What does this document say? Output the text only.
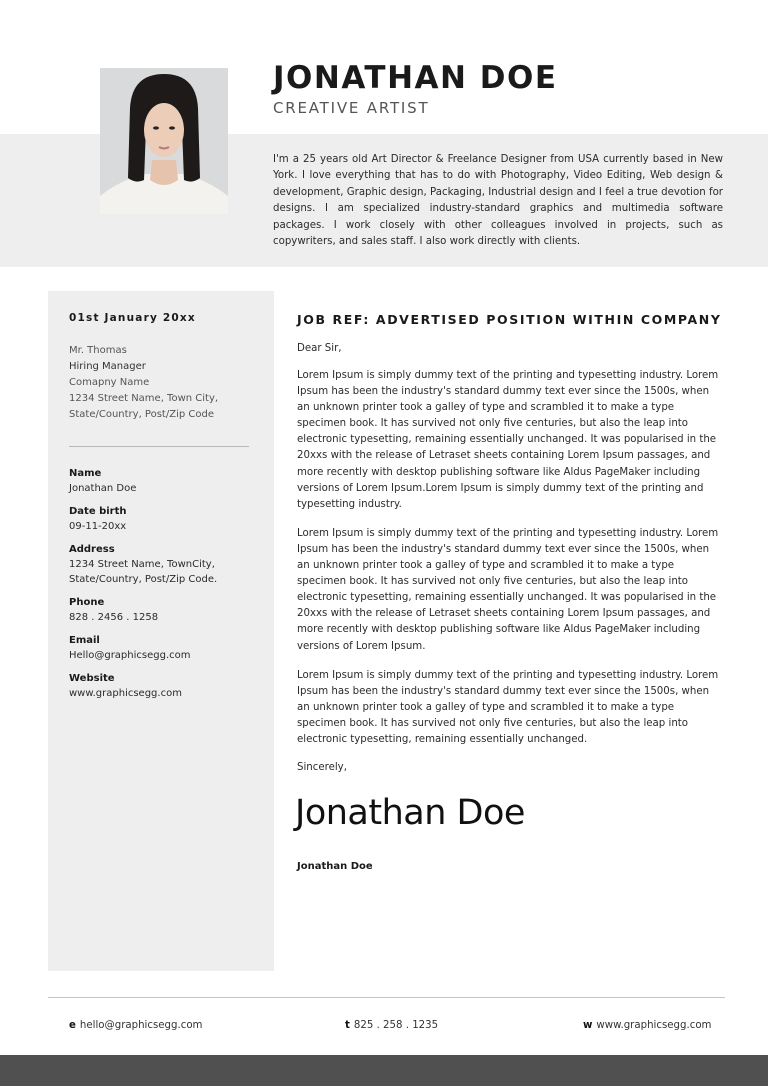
JONATHAN DOE
CREATIVE ARTIST
I'm a 25 years old Art Director & Freelance Designer from USA currently based in New York. I love everything that has to do with Photography, Video Editing, Web design & development, Graphic design, Packaging, Industrial design and I feel a true devotion for designs. I am specialized industry-standard graphics and multimedia software packages. I work closely with other colleagues involved in projects, such as copywriters, and sales staff. I also work directly with clients.
01st January 20xx
Mr. Thomas
Hiring Manager
Comapny Name
1234 Street Name, Town City,
State/Country, Post/Zip Code
Name
Jonathan Doe
Date birth
09-11-20xx
Address
1234 Street Name, TownCity,
State/Country, Post/Zip Code.
Phone
828 . 2456 . 1258
Email
Hello@graphicsegg.com
Website
www.graphicsegg.com
JOB REF: ADVERTISED POSITION WITHIN COMPANY
Dear Sir,
Lorem Ipsum is simply dummy text of the printing and typesetting industry. Lorem Ipsum has been the industry's standard dummy text ever since the 1500s, when an unknown printer took a galley of type and scrambled it to make a type specimen book. It has survived not only five centuries, but also the leap into electronic typesetting, remaining essentially unchanged. It was popularised in the 20xxs with the release of Letraset sheets containing Lorem Ipsum passages, and more recently with desktop publishing software like Aldus PageMaker including versions of Lorem Ipsum.Lorem Ipsum is simply dummy text of the printing and typesetting industry.
Lorem Ipsum is simply dummy text of the printing and typesetting industry. Lorem Ipsum has been the industry's standard dummy text ever since the 1500s, when an unknown printer took a galley of type and scrambled it to make a type specimen book. It has survived not only five centuries, but also the leap into electronic typesetting, remaining essentially unchanged. It was popularised in the 20xxs with the release of Letraset sheets containing Lorem Ipsum passages, and more recently with desktop publishing software like Aldus PageMaker including versions of Lorem Ipsum.
Lorem Ipsum is simply dummy text of the printing and typesetting industry. Lorem Ipsum has been the industry's standard dummy text ever since the 1500s, when an unknown printer took a galley of type and scrambled it to make a type specimen book. It has survived not only five centuries, but also the leap into electronic typesetting, remaining essentially unchanged.
Sincerely,
Jonathan Doe
Jonathan Doe
e hello@graphicsegg.com	t 825 . 258 . 1235	w www.graphicsegg.com
